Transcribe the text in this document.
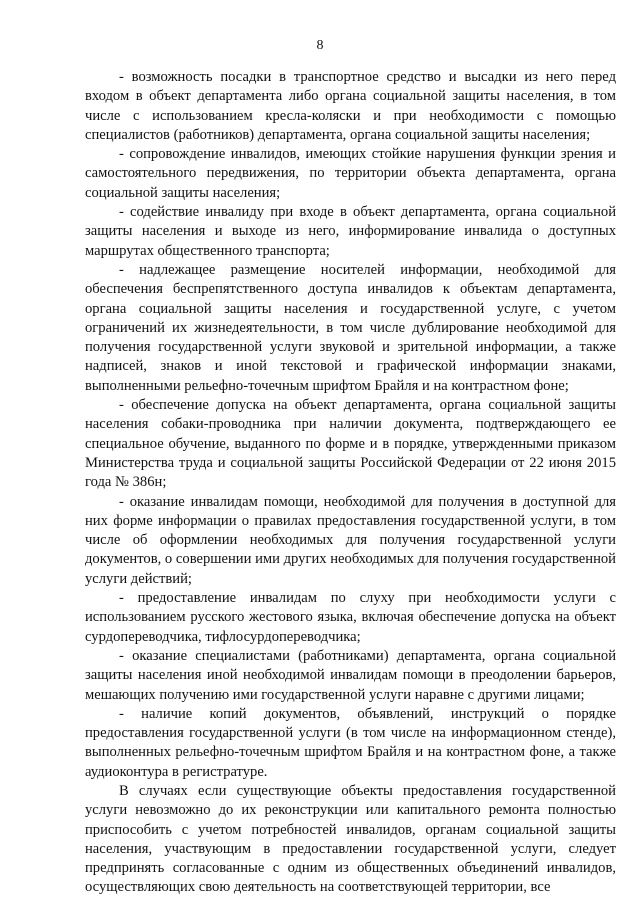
8

- возможность посадки в транспортное средство и высадки из него перед входом в объект департамента либо органа социальной защиты населения, в том числе с использованием кресла-коляски и при необходимости с помощью специалистов (работников) департамента, органа социальной защиты населения;

- сопровождение инвалидов, имеющих стойкие нарушения функции зрения и самостоятельного передвижения, по территории объекта департамента, органа социальной защиты населения;

- содействие инвалиду при входе в объект департамента, органа социальной защиты населения и выходе из него, информирование инвалида о доступных маршрутах общественного транспорта;

- надлежащее размещение носителей информации, необходимой для обеспечения беспрепятственного доступа инвалидов к объектам департамента, органа социальной защиты населения и государственной услуге, с учетом ограничений их жизнедеятельности, в том числе дублирование необходимой для получения государственной услуги звуковой и зрительной информации, а также надписей, знаков и иной текстовой и графической информации знаками, выполненными рельефно-точечным шрифтом Брайля и на контрастном фоне;

- обеспечение допуска на объект департамента, органа социальной защиты населения собаки-проводника при наличии документа, подтверждающего ее специальное обучение, выданного по форме и в порядке, утвержденными приказом Министерства труда и социальной защиты Российской Федерации от 22 июня 2015 года № 386н;

- оказание инвалидам помощи, необходимой для получения в доступной для них форме информации о правилах предоставления государственной услуги, в том числе об оформлении необходимых для получения государственной услуги документов, о совершении ими других необходимых для получения государственной услуги действий;

- предоставление инвалидам по слуху при необходимости услуги с использованием русского жестового языка, включая обеспечение допуска на объект сурдопереводчика, тифлосурдопереводчика;

- оказание специалистами (работниками) департамента, органа социальной защиты населения иной необходимой инвалидам помощи в преодолении барьеров, мешающих получению ими государственной услуги наравне с другими лицами;

- наличие копий документов, объявлений, инструкций о порядке предоставления государственной услуги (в том числе на информационном стенде), выполненных рельефно-точечным шрифтом Брайля и на контрастном фоне, а также аудиоконтура в регистратуре.

В случаях если существующие объекты предоставления государственной услуги невозможно до их реконструкции или капитального ремонта полностью приспособить с учетом потребностей инвалидов, органам социальной защиты населения, участвующим в предоставлении государственной услуги, следует предпринять согласованные с одним из общественных объединений инвалидов, осуществляющих свою деятельность на соответствующей территории, все
